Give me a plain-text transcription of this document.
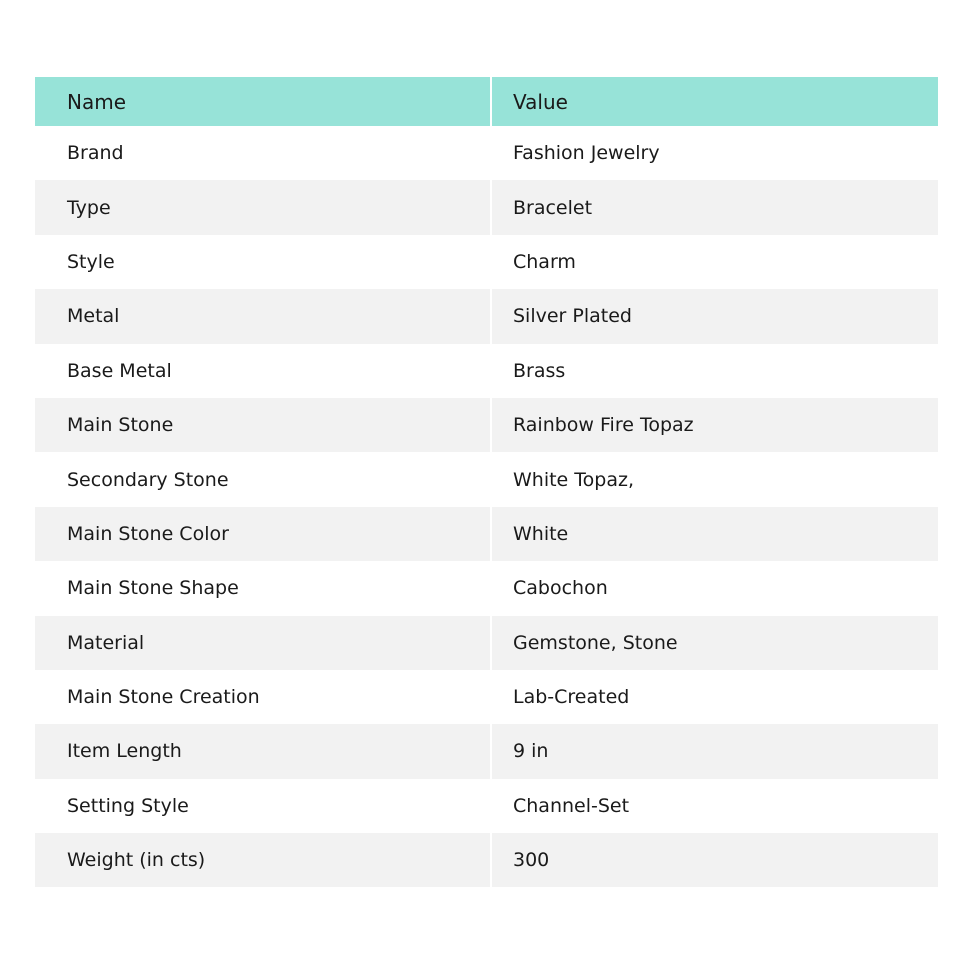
Name	Value
Brand	Fashion Jewelry
Type	Bracelet
Style	Charm
Metal	Silver Plated
Base Metal	Brass
Main Stone	Rainbow Fire Topaz
Secondary Stone	White Topaz,
Main Stone Color	White
Main Stone Shape	Cabochon
Material	Gemstone, Stone
Main Stone Creation	Lab-Created
Item Length	9 in
Setting Style	Channel-Set
Weight (in cts)	300
